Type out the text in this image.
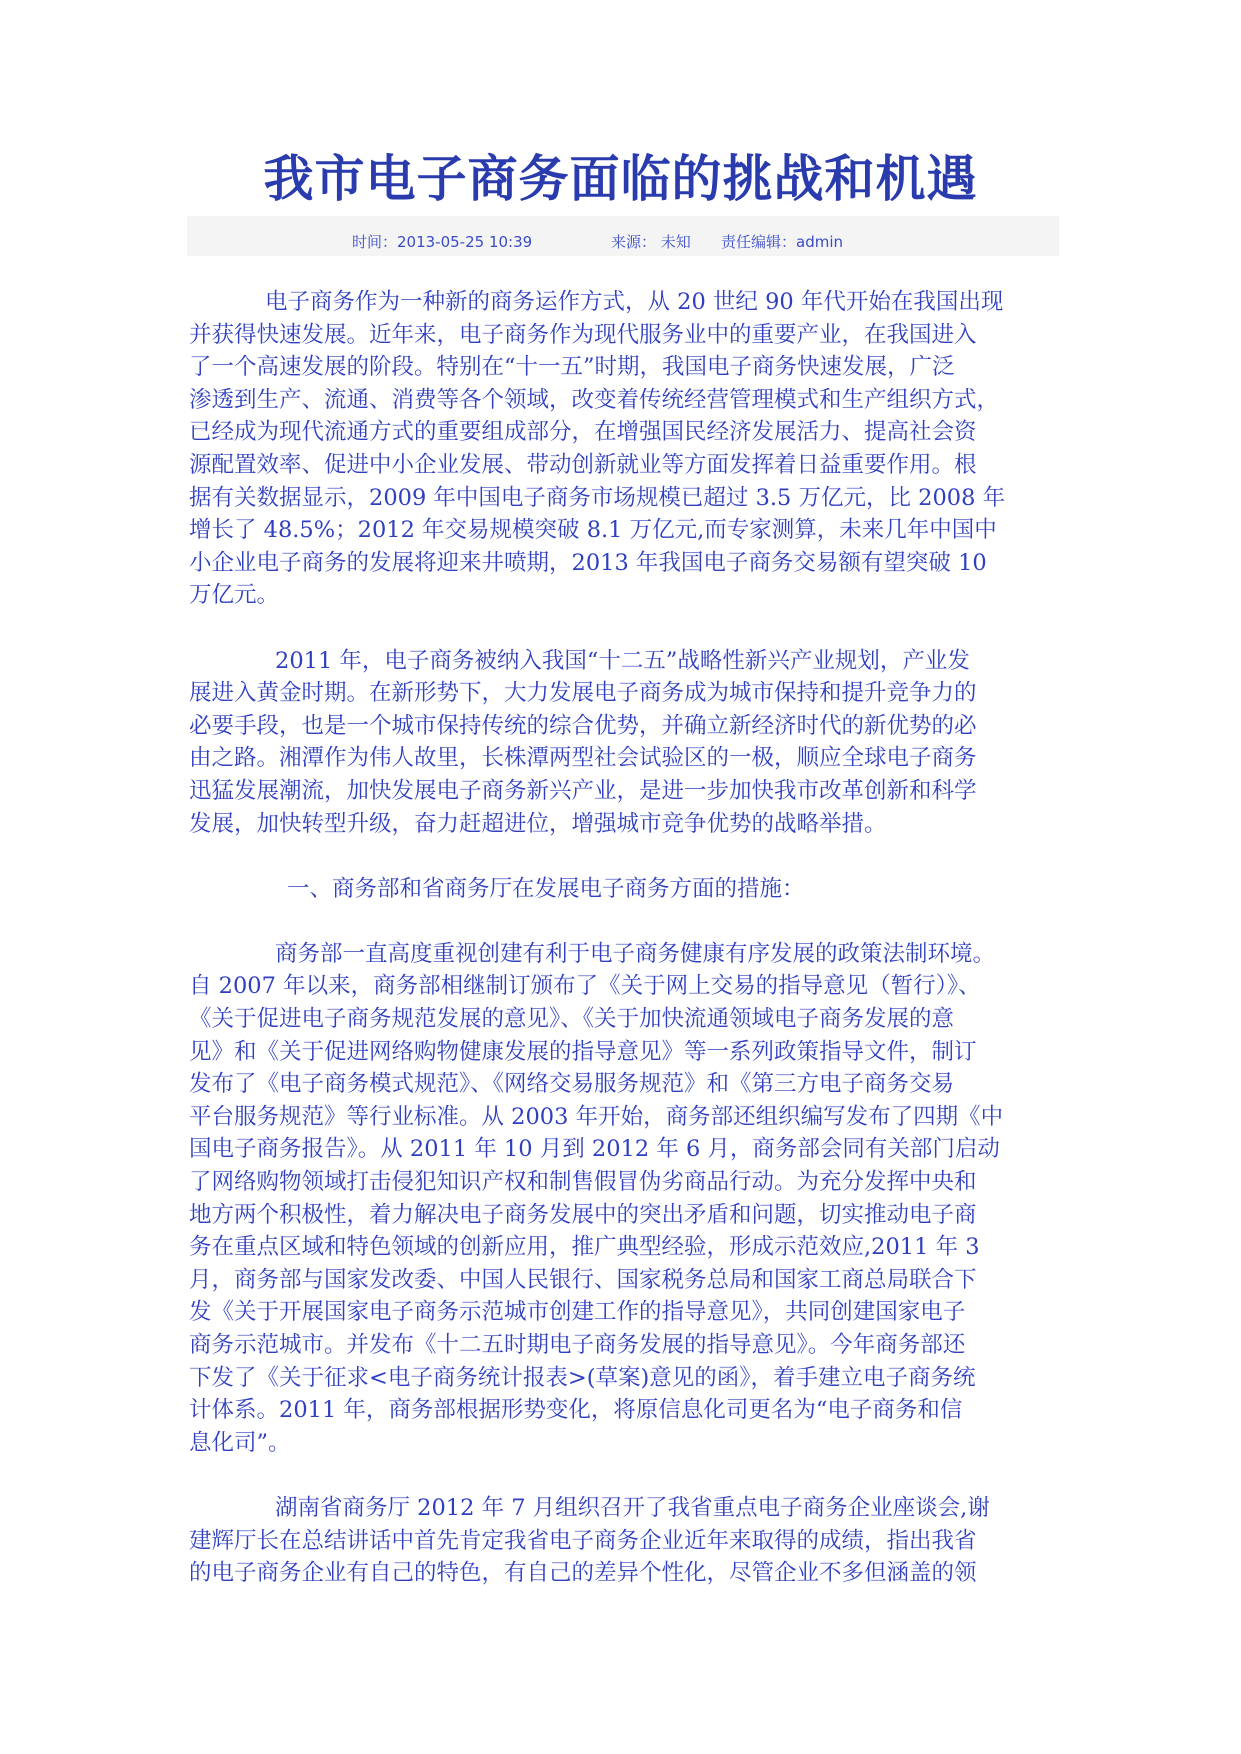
我市电子商务面临的挑战和机遇
时间：2013-05-25 10:39	来源： 未知 责任编辑：admin
电子商务作为一种新的商务运作方式，从 20 世纪 90 年代开始在我国出现
并获得快速发展。近年来，电子商务作为现代服务业中的重要产业，在我国进入
了一个高速发展的阶段。特别在“十一五”时期，我国电子商务快速发展，广泛
渗透到生产、流通、消费等各个领域，改变着传统经营管理模式和生产组织方式，
已经成为现代流通方式的重要组成部分，在增强国民经济发展活力、提高社会资
源配置效率、促进中小企业发展、带动创新就业等方面发挥着日益重要作用。根
据有关数据显示，2009 年中国电子商务市场规模已超过 3.5 万亿元，比 2008 年
增长了 48.5%；2012 年交易规模突破 8.1 万亿元,而专家测算，未来几年中国中
小企业电子商务的发展将迎来井喷期，2013 年我国电子商务交易额有望突破 10
万亿元。
2011 年，电子商务被纳入我国“十二五”战略性新兴产业规划，产业发
展进入黄金时期。在新形势下，大力发展电子商务成为城市保持和提升竞争力的
必要手段，也是一个城市保持传统的综合优势，并确立新经济时代的新优势的必
由之路。湘潭作为伟人故里，长株潭两型社会试验区的一极，顺应全球电子商务
迅猛发展潮流，加快发展电子商务新兴产业，是进一步加快我市改革创新和科学
发展，加快转型升级，奋力赶超进位，增强城市竞争优势的战略举措。
一、商务部和省商务厅在发展电子商务方面的措施：
商务部一直高度重视创建有利于电子商务健康有序发展的政策法制环境。
自 2007 年以来，商务部相继制订颁布了《关于网上交易的指导意见（暂行）》、
《关于促进电子商务规范发展的意见》、《关于加快流通领域电子商务发展的意
见》和《关于促进网络购物健康发展的指导意见》等一系列政策指导文件，制订
发布了《电子商务模式规范》、《网络交易服务规范》和《第三方电子商务交易
平台服务规范》等行业标准。从 2003 年开始，商务部还组织编写发布了四期《中
国电子商务报告》。从 2011 年 10 月到 2012 年 6 月，商务部会同有关部门启动
了网络购物领域打击侵犯知识产权和制售假冒伪劣商品行动。为充分发挥中央和
地方两个积极性，着力解决电子商务发展中的突出矛盾和问题，切实推动电子商
务在重点区域和特色领域的创新应用，推广典型经验，形成示范效应,2011 年 3
月，商务部与国家发改委、中国人民银行、国家税务总局和国家工商总局联合下
发《关于开展国家电子商务示范城市创建工作的指导意见》，共同创建国家电子
商务示范城市。并发布《十二五时期电子商务发展的指导意见》。今年商务部还
下发了《关于征求<电子商务统计报表>(草案)意见的函》，着手建立电子商务统
计体系。2011 年，商务部根据形势变化，将原信息化司更名为“电子商务和信
息化司”。
湖南省商务厅 2012 年 7 月组织召开了我省重点电子商务企业座谈会,谢
建辉厅长在总结讲话中首先肯定我省电子商务企业近年来取得的成绩，指出我省
的电子商务企业有自己的特色，有自己的差异个性化，尽管企业不多但涵盖的领
